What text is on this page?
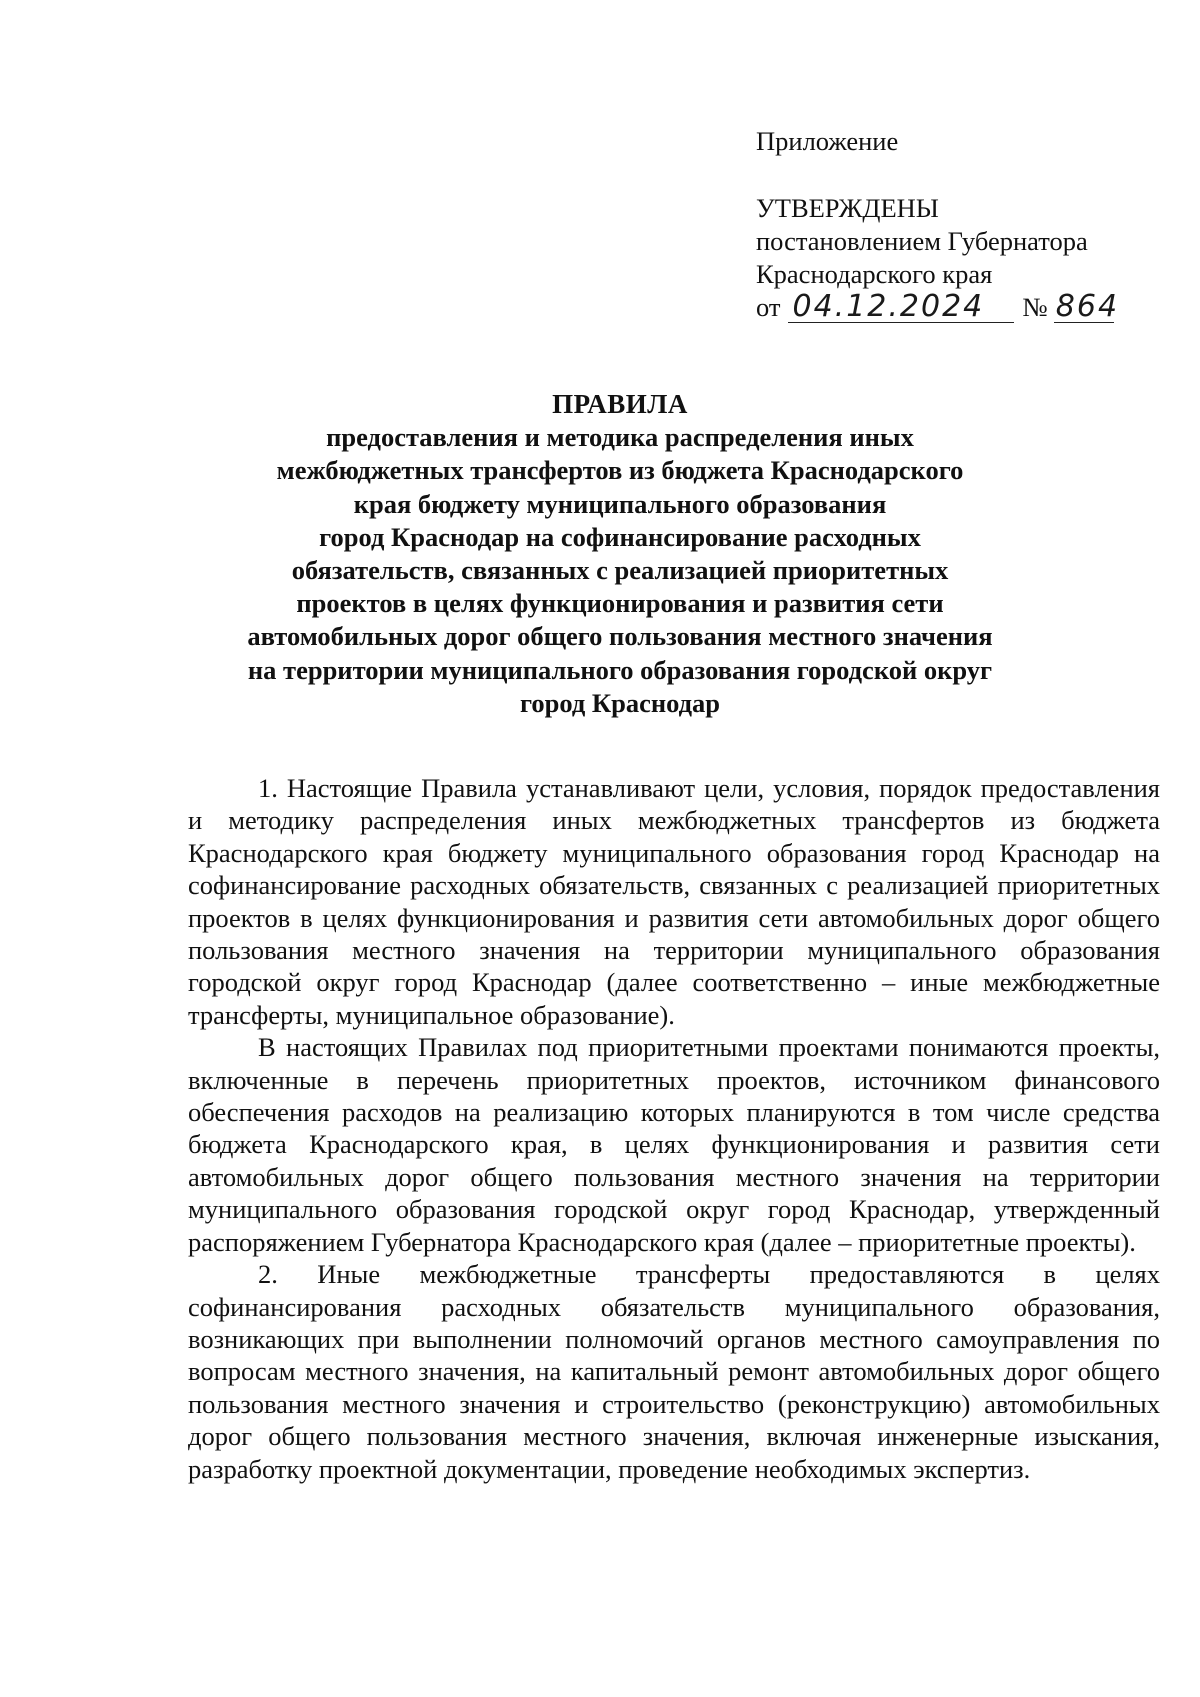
Приложение
УТВЕРЖДЕНЫ
постановлением Губернатора
Краснодарского края
от 04.12.2024	№ 864
ПРАВИЛА
предоставления и методика распределения иных
межбюджетных трансфертов из бюджета Краснодарского
края бюджету муниципального образования
город Краснодар на софинансирование расходных
обязательств, связанных с реализацией приоритетных
проектов в целях функционирования и развития сети
автомобильных дорог общего пользования местного значения
на территории муниципального образования городской округ
город Краснодар

1. Настоящие Правила устанавливают цели, условия, порядок предоставления и методику распределения иных межбюджетных трансфертов из бюджета Краснодарского края бюджету муниципального образования город Краснодар на софинансирование расходных обязательств, связанных с реализацией приоритетных проектов в целях функционирования и развития сети автомобильных дорог общего пользования местного значения на территории муниципального образования городской округ город Краснодар (далее соответственно – иные межбюджетные трансферты, муниципальное образование).

В настоящих Правилах под приоритетными проектами понимаются проекты, включенные в перечень приоритетных проектов, источником финансового обеспечения расходов на реализацию которых планируются в том числе средства бюджета Краснодарского края, в целях функционирования и развития сети автомобильных дорог общего пользования местного значения на территории муниципального образования городской округ город Краснодар, утвержденный распоряжением Губернатора Краснодарского края (далее – приоритетные проекты).

2. Иные межбюджетные трансферты предоставляются в целях софинансирования расходных обязательств муниципального образования, возникающих при выполнении полномочий органов местного самоуправления по вопросам местного значения, на капитальный ремонт автомобильных дорог общего пользования местного значения и строительство (реконструкцию) автомобильных дорог общего пользования местного значения, включая инженерные изыскания, разработку проектной документации, проведение необходимых экспертиз.
